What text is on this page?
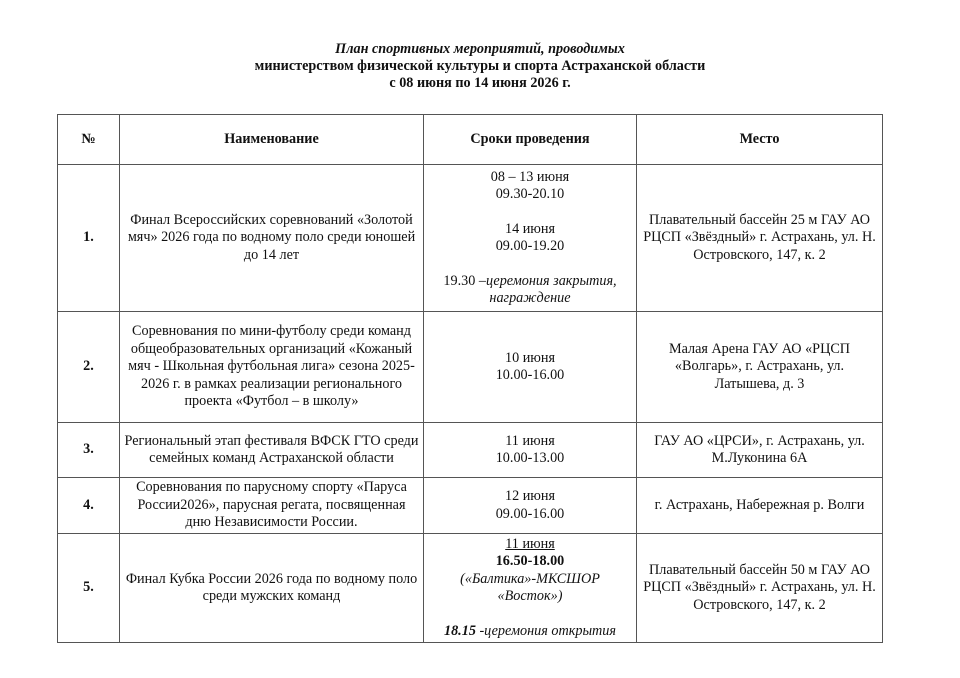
План спортивных мероприятий, проводимых
министерством физической культуры и спорта Астраханской области
с 08 июня по 14 июня 2026 г.
№	Наименование	Сроки проведения	Место
1.	Финал Всероссийских соревнований «Золотой мяч» 2026 года по водному поло среди юношей до 14 лет	08 – 13 июня
09.30-20.10
14 июня
09.00-19.20
19.30 –церемония закрытия, награждение	Плавательный бассейн 25 м ГАУ АО РЦСП «Звёздный» г. Астрахань, ул. Н. Островского, 147, к. 2
2.	Соревнования по мини-футболу среди команд общеобразовательных организаций «Кожаный мяч - Школьная футбольная лига» сезона 2025-2026 г. в рамках реализации регионального проекта «Футбол – в школу»	10 июня
10.00-16.00	Малая Арена ГАУ АО «РЦСП «Волгарь», г. Астрахань, ул. Латышева, д. 3
3.	Региональный этап фестиваля ВФСК ГТО среди семейных команд Астраханской области	11 июня
10.00-13.00	ГАУ АО «ЦРСИ», г. Астрахань, ул. М.Луконина 6А
4.	Соревнования по парусному спорту «Паруса России2026», парусная регата, посвященная дню Независимости России.	12 июня
09.00-16.00	г. Астрахань, Набережная р. Волги
5.	Финал Кубка России 2026 года по водному поло среди мужских команд	11 июня
16.50-18.00
(«Балтика»-МКСШОР «Восток»)
18.15 -церемония открытия	Плавательный бассейн 50 м ГАУ АО РЦСП «Звёздный» г. Астрахань, ул. Н. Островского, 147, к. 2
